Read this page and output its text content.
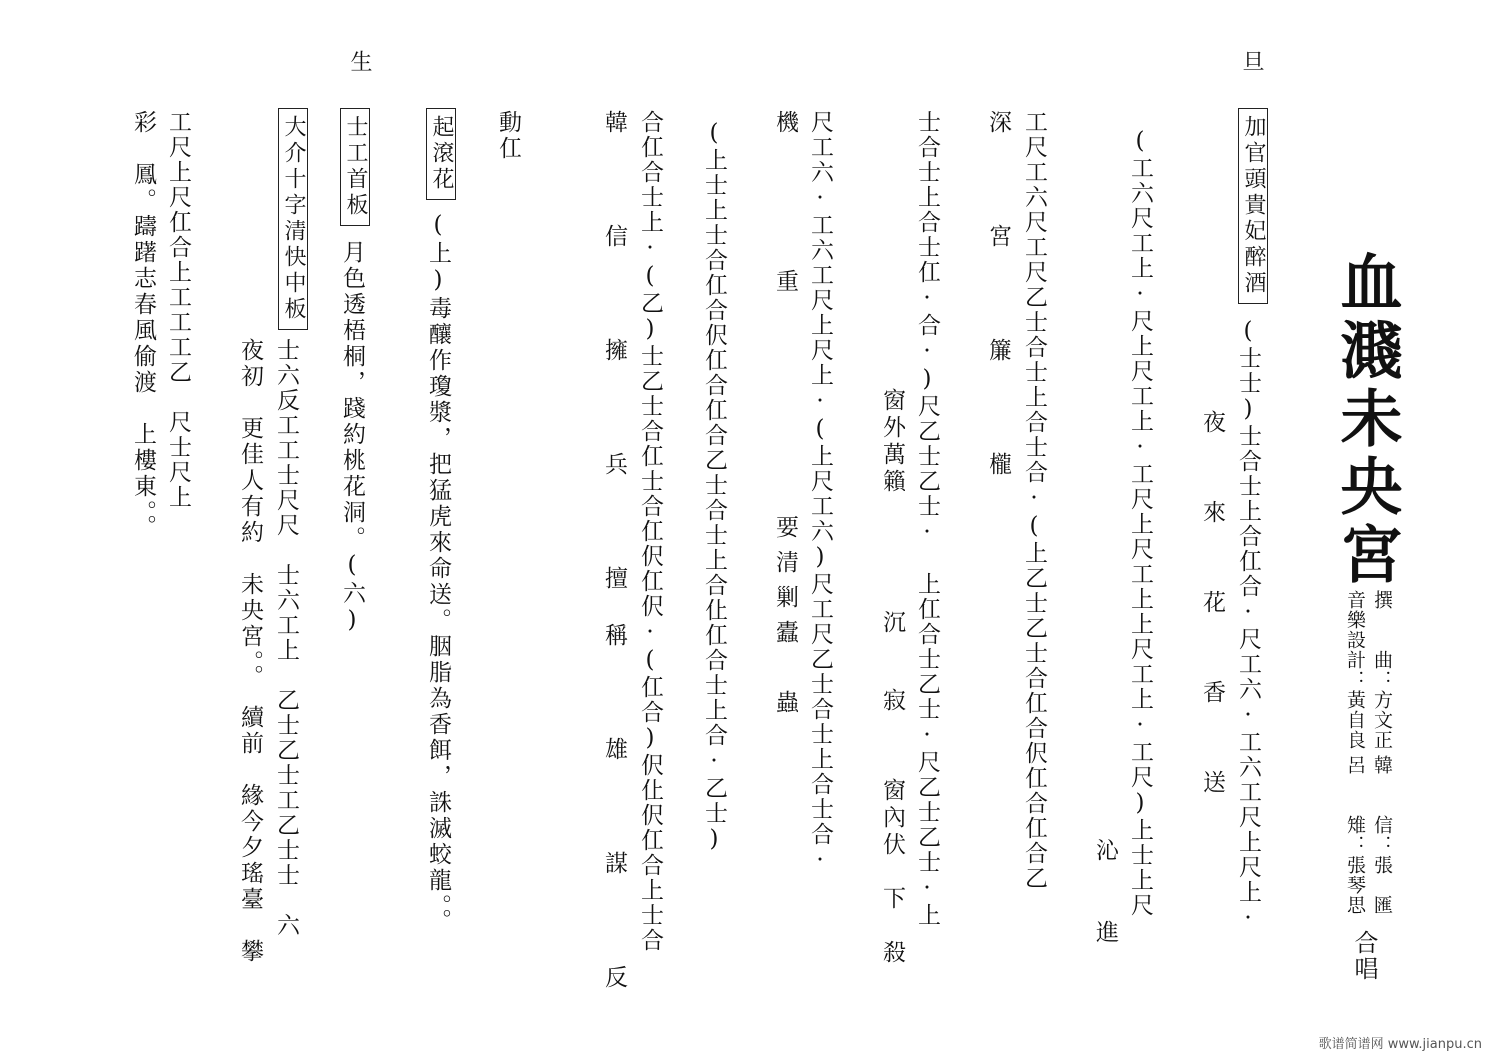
血濺未央宮
撰　　曲：方文正
音樂設計：黃自良
呂　　雉：張琴思 韓　　信：張　匯
合唱
旦
生
加官頭貴妃醉酒
(士士)士合士上合仜合·尺工六·工六工尺上尺上·
夜　來　花　香　送
(工六尺工上·尺上尺工上·工尺上尺工上上尺工上·工尺)上士上尺
沁　進
工尺工六尺工尺乙士合士上合士合·(上乙士乙士合仜合伬仜合仜合乙
深　宮　簾　櫳
士合士上合士仜·合·)尺乙士乙士·　上仜合士乙士·尺乙士乙士·上
窗外萬籟
沉　寂
窗內伏　下　殺
尺工六·工六工尺上尺上·(上尺工六)尺工尺乙士合士上合士合·
機　　重
要清剿蠹　蟲
(上士上士合仜合伬仜合仜合乙士合士上合仩仜合士上合·乙士)
合仜合士上·(乙)士乙士合仜士合仜伬仜伬·(仜合)伬仩伬仜合上士合
韓　信　擁　兵　擅稱　雄　謀　反
動仜
起滾花
(上)毒釀作瓊漿，把猛虎來命送。胭脂為香餌，誅滅蛟龍。。
士工首板
月色透梧桐，踐約桃花洞。(六)
大介十字清快中板
士六反工工士尺尺　士六工上　乙士乙士工乙士士　六
夜初　更佳人有約　未央宮。。　續前　緣今夕瑤臺　攀
工尺上尺仜合上工工工乙　尺士尺上
彩　鳳。躊躇志春風偷渡　上樓東。。
歌谱简谱网 www.jianpu.cn
